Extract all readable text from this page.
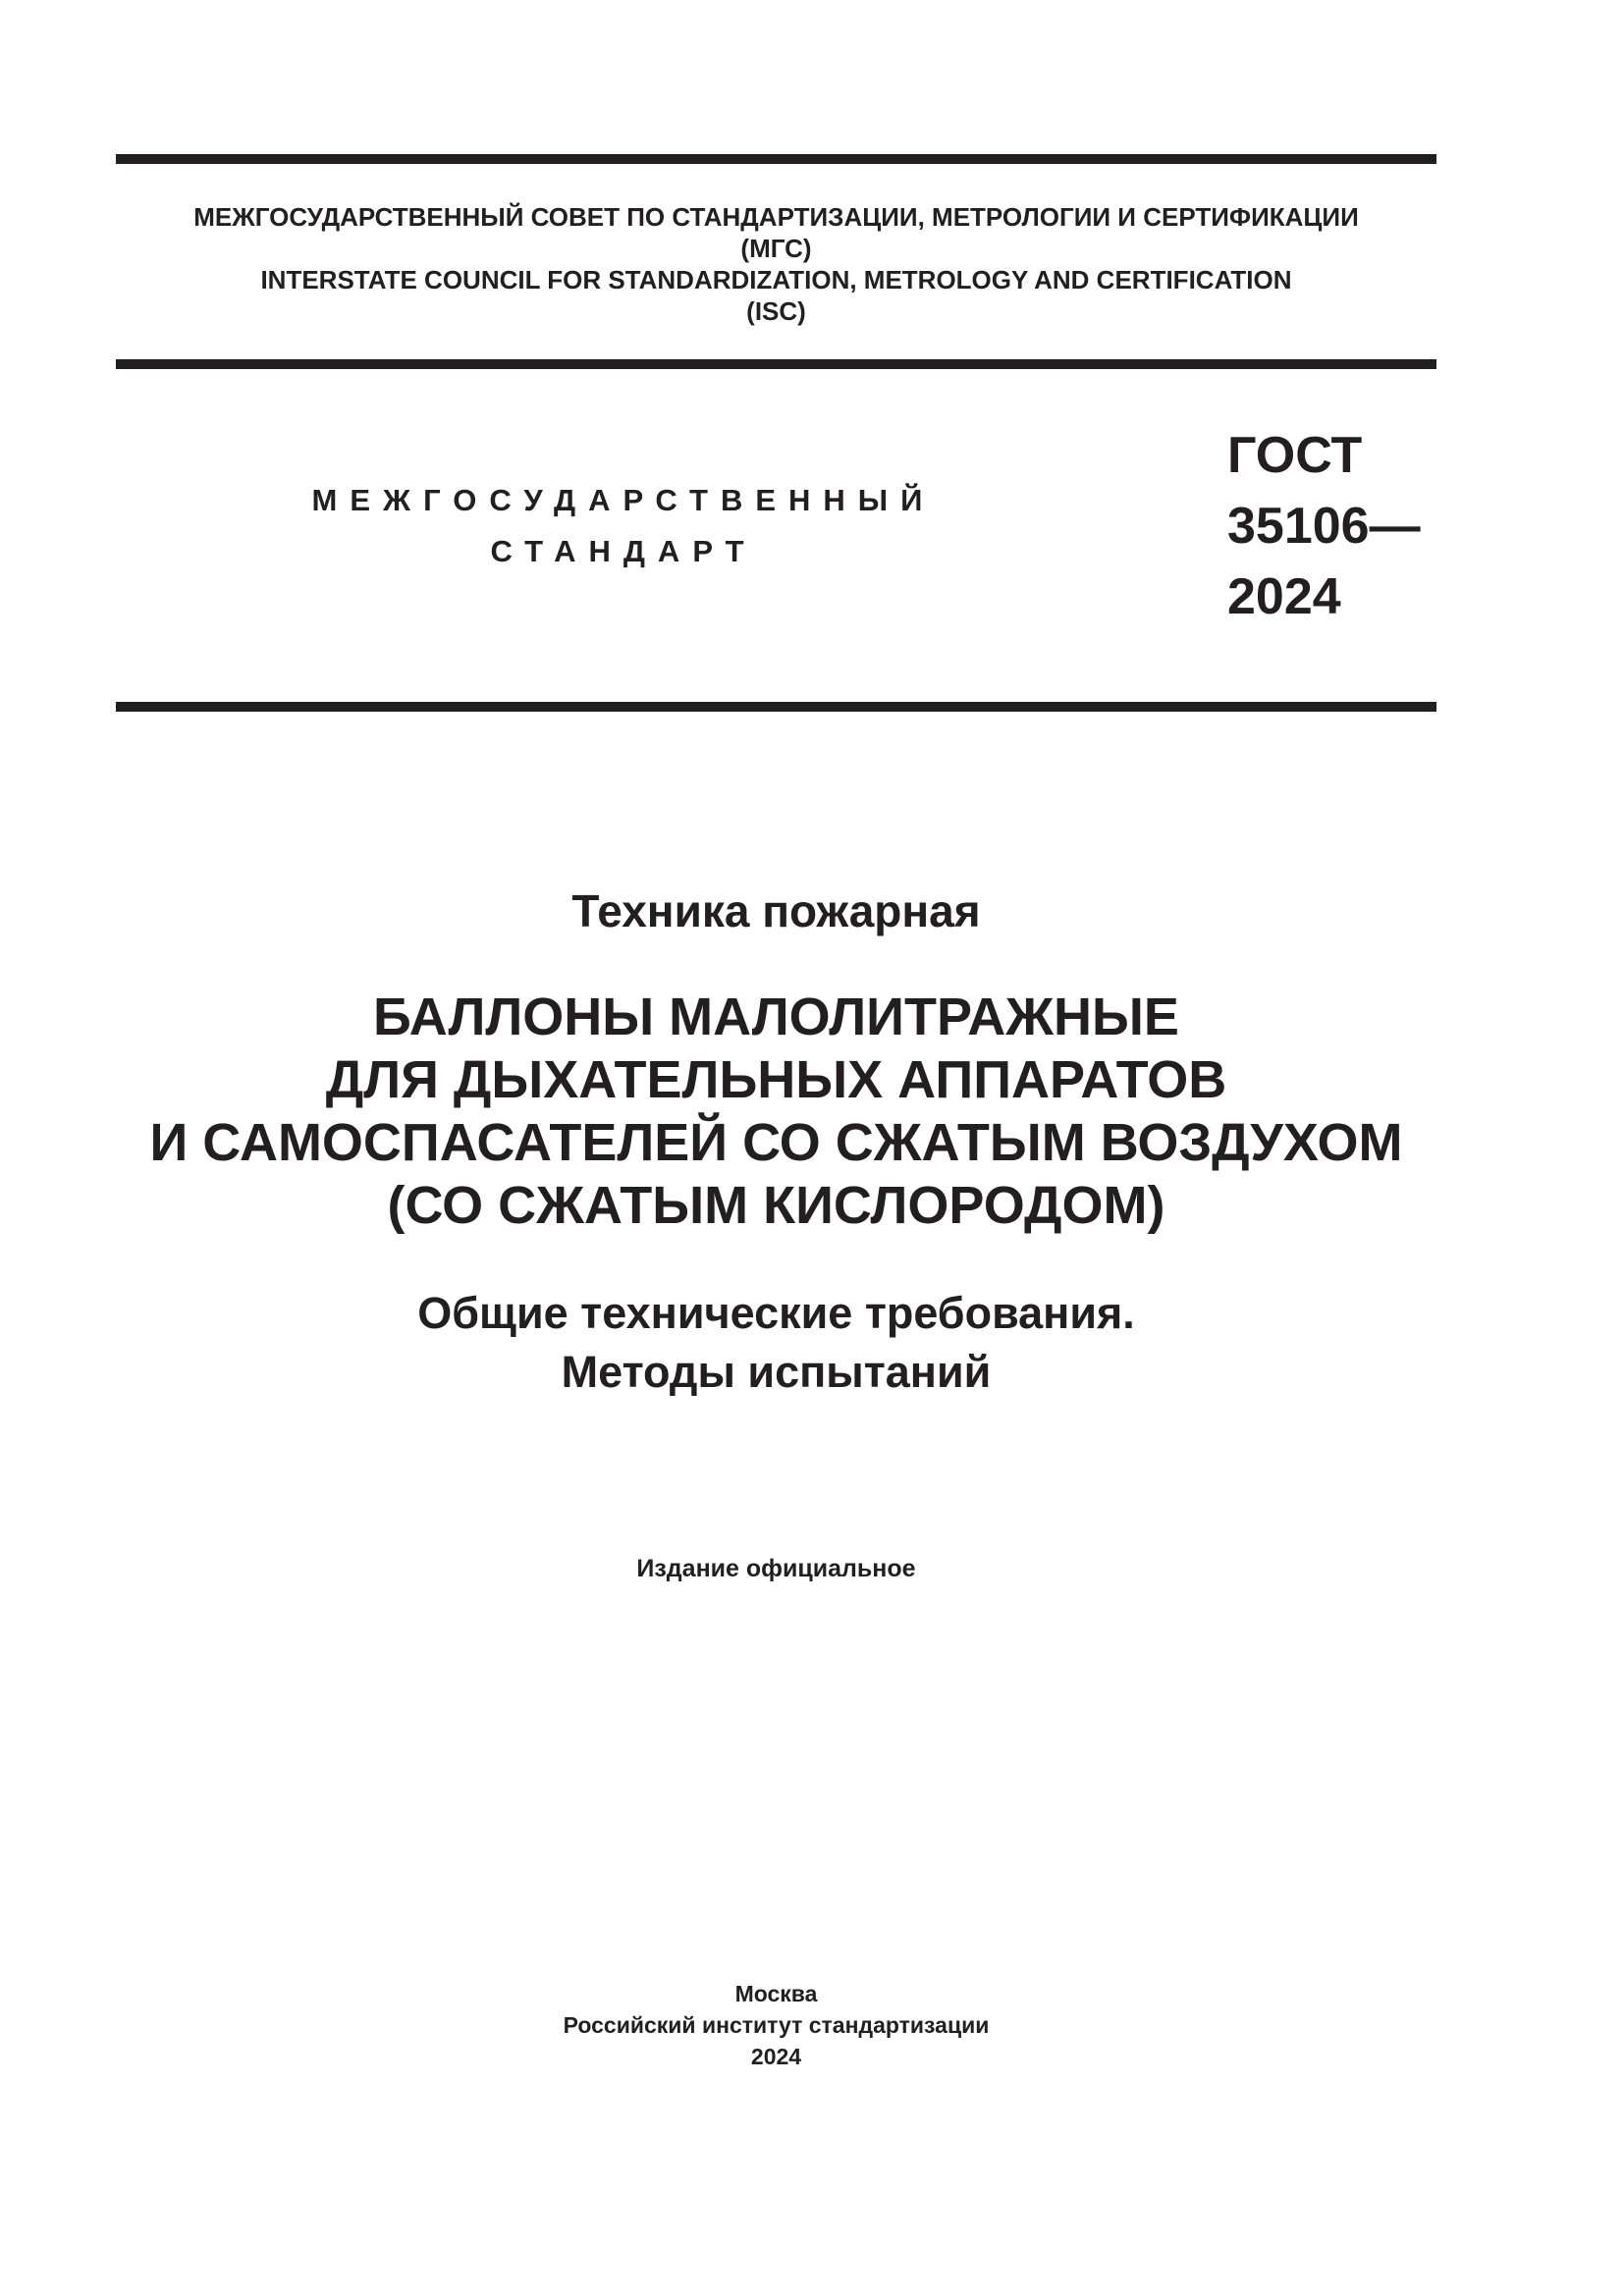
МЕЖГОСУДАРСТВЕННЫЙ СОВЕТ ПО СТАНДАРТИЗАЦИИ, МЕТРОЛОГИИ И СЕРТИФИКАЦИИ
(МГС)
INTERSTATE COUNCIL FOR STANDARDIZATION, METROLOGY AND CERTIFICATION
(ISC)
МЕЖГОСУДАРСТВЕННЫЙ
СТАНДАРТ
ГОСТ
35106—
2024
Техника пожарная
БАЛЛОНЫ МАЛОЛИТРАЖНЫЕ
ДЛЯ ДЫХАТЕЛЬНЫХ АППАРАТОВ
И САМОСПАСАТЕЛЕЙ СО СЖАТЫМ ВОЗДУХОМ
(СО СЖАТЫМ КИСЛОРОДОМ)
Общие технические требования.
Методы испытаний
Издание официальное
Москва
Российский институт стандартизации
2024
